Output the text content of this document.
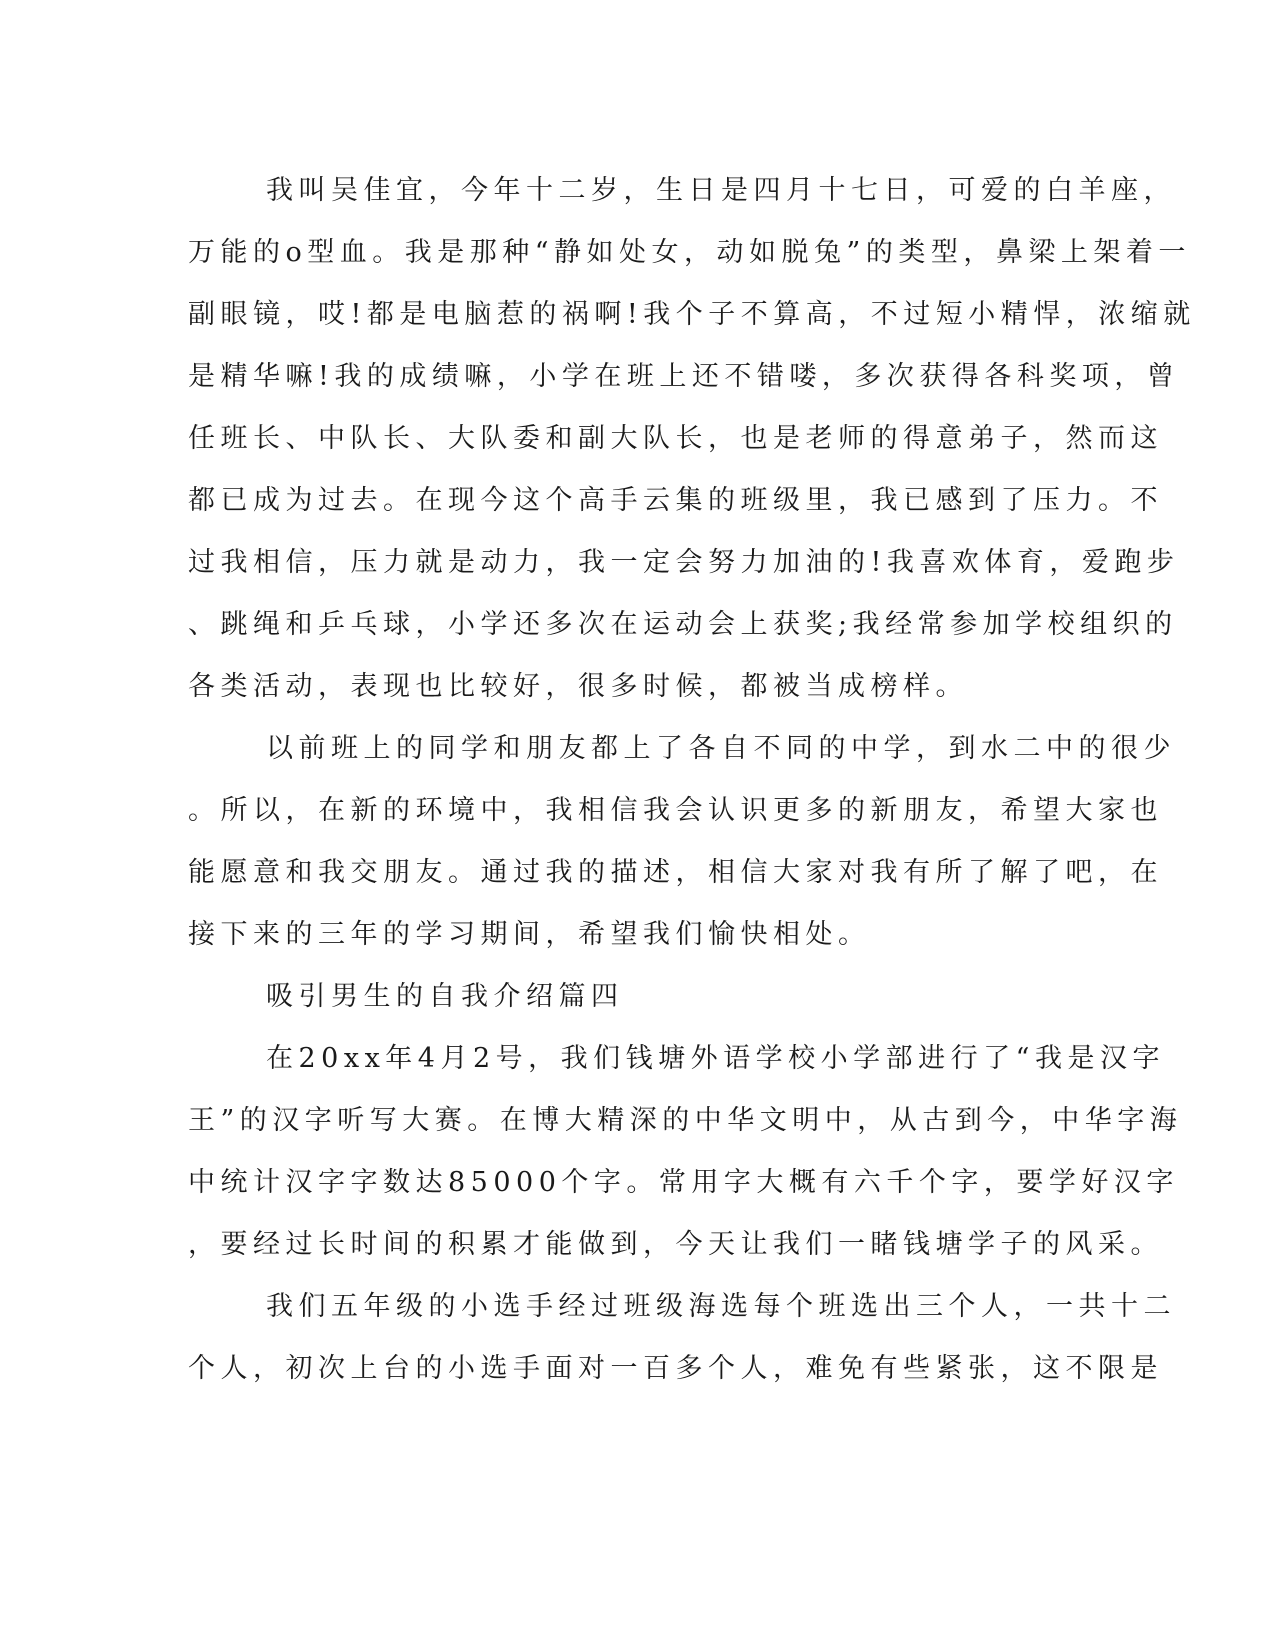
我叫吴佳宜，今年十二岁，生日是四月十七日，可爱的白羊座，
万能的o型血。我是那种“静如处女，动如脱兔”的类型，鼻梁上架着一
副眼镜，哎!都是电脑惹的祸啊!我个子不算高，不过短小精悍，浓缩就
是精华嘛!我的成绩嘛，小学在班上还不错喽，多次获得各科奖项，曾
任班长、中队长、大队委和副大队长，也是老师的得意弟子，然而这
都已成为过去。在现今这个高手云集的班级里，我已感到了压力。不
过我相信，压力就是动力，我一定会努力加油的!我喜欢体育，爱跑步
、跳绳和乒乓球，小学还多次在运动会上获奖;我经常参加学校组织的
各类活动，表现也比较好，很多时候，都被当成榜样。
以前班上的同学和朋友都上了各自不同的中学，到水二中的很少
。所以，在新的环境中，我相信我会认识更多的新朋友，希望大家也
能愿意和我交朋友。通过我的描述，相信大家对我有所了解了吧，在
接下来的三年的学习期间，希望我们愉快相处。
吸引男生的自我介绍篇四
在20xx年4月2号，我们钱塘外语学校小学部进行了“我是汉字
王”的汉字听写大赛。在博大精深的中华文明中，从古到今，中华字海
中统计汉字字数达85000个字。常用字大概有六千个字，要学好汉字
，要经过长时间的积累才能做到，今天让我们一睹钱塘学子的风采。
我们五年级的小选手经过班级海选每个班选出三个人，一共十二
个人，初次上台的小选手面对一百多个人，难免有些紧张，这不限是
